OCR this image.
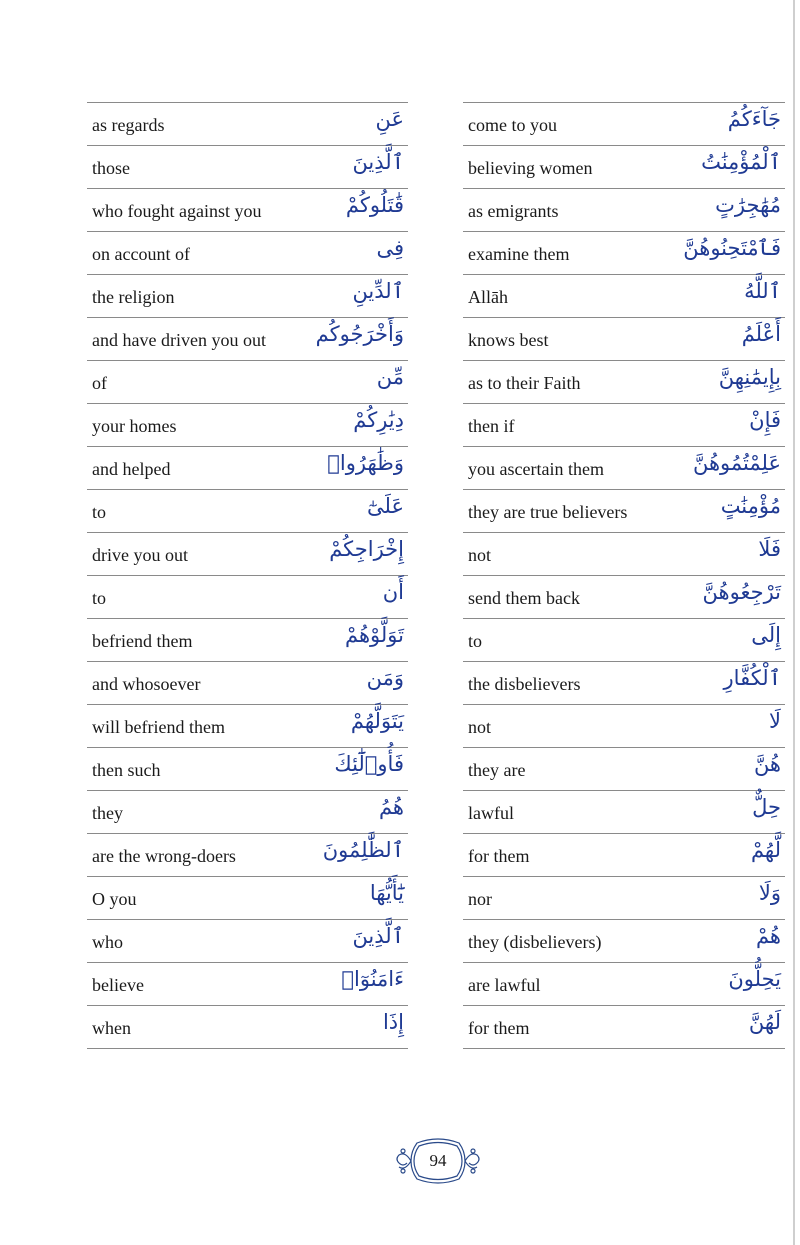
as regards	عَنِ
those	ٱلَّذِينَ
who fought against you	قَٰتَلُوكُمْ
on account of	فِى
the religion	ٱلدِّينِ
and have driven you out وَأَخْرَجُوكُم
of	مِّن
your homes	دِيَٰرِكُمْ
and helped	وَظَٰهَرُوا۟
to	عَلَىٰٓ
drive you out	إِخْرَاجِكُمْ
to	أَن
befriend them	تَوَلَّوْهُمْ
and whosoever	وَمَن
will befriend them	يَتَوَلَّهُمْ
then such	فَأُو۟لَٰٓئِكَ
they	هُمُ
are the wrong-doers	ٱلظَّٰلِمُونَ
O you	يَٰٓأَيُّهَا
who	ٱلَّذِينَ
believe	ءَامَنُوٓا۟
when	إِذَا
come to you	جَآءَكُمُ
believing women	ٱلْمُؤْمِنَٰتُ
as emigrants	مُهَٰجِرَٰتٍ
examine them	فَٱمْتَحِنُوهُنَّ
Allāh	ٱللَّهُ
knows best	أَعْلَمُ
as to their Faith	بِإِيمَٰنِهِنَّ
then if	فَإِنْ
you ascertain them	عَلِمْتُمُوهُنَّ
they are true believers	مُؤْمِنَٰتٍ
not	فَلَا
send them back	تَرْجِعُوهُنَّ
to	إِلَى
the disbelievers	ٱلْكُفَّارِ
not	لَا
they are	هُنَّ
lawful	حِلٌّ
for them	لَّهُمْ
nor	وَلَا
they (disbelievers)	هُمْ
are lawful	يَحِلُّونَ
for them	لَهُنَّ
94
